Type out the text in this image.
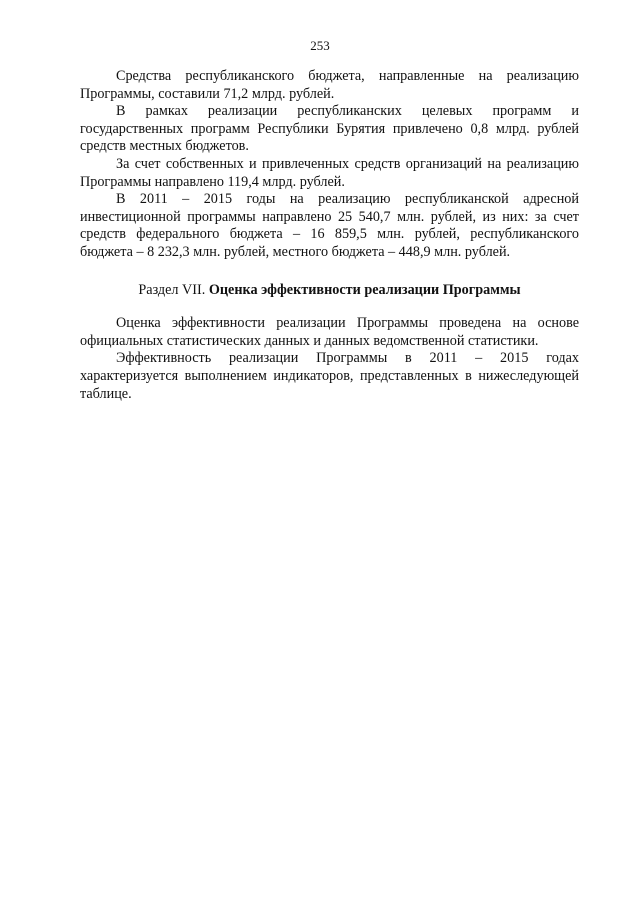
253

Средства республиканского бюджета, направленные на реализацию Программы, составили 71,2 млрд. рублей.

В рамках реализации республиканских целевых программ и государственных программ Республики Бурятия привлечено 0,8 млрд. рублей средств местных бюджетов.

За счет собственных и привлеченных средств организаций на реализацию Программы направлено 119,4 млрд. рублей.

В 2011 – 2015 годы на реализацию республиканской адресной инвестиционной программы направлено 25 540,7 млн. рублей, из них: за счет средств федерального бюджета – 16 859,5 млн. рублей, республиканского бюджета – 8 232,3 млн. рублей, местного бюджета – 448,9 млн. рублей.

Раздел VII. Оценка эффективности реализации Программы

Оценка эффективности реализации Программы проведена на основе официальных статистических данных и данных ведомственной статистики.

Эффективность реализации Программы в 2011 – 2015 годах характеризуется выполнением индикаторов, представленных в нижеследующей таблице.
